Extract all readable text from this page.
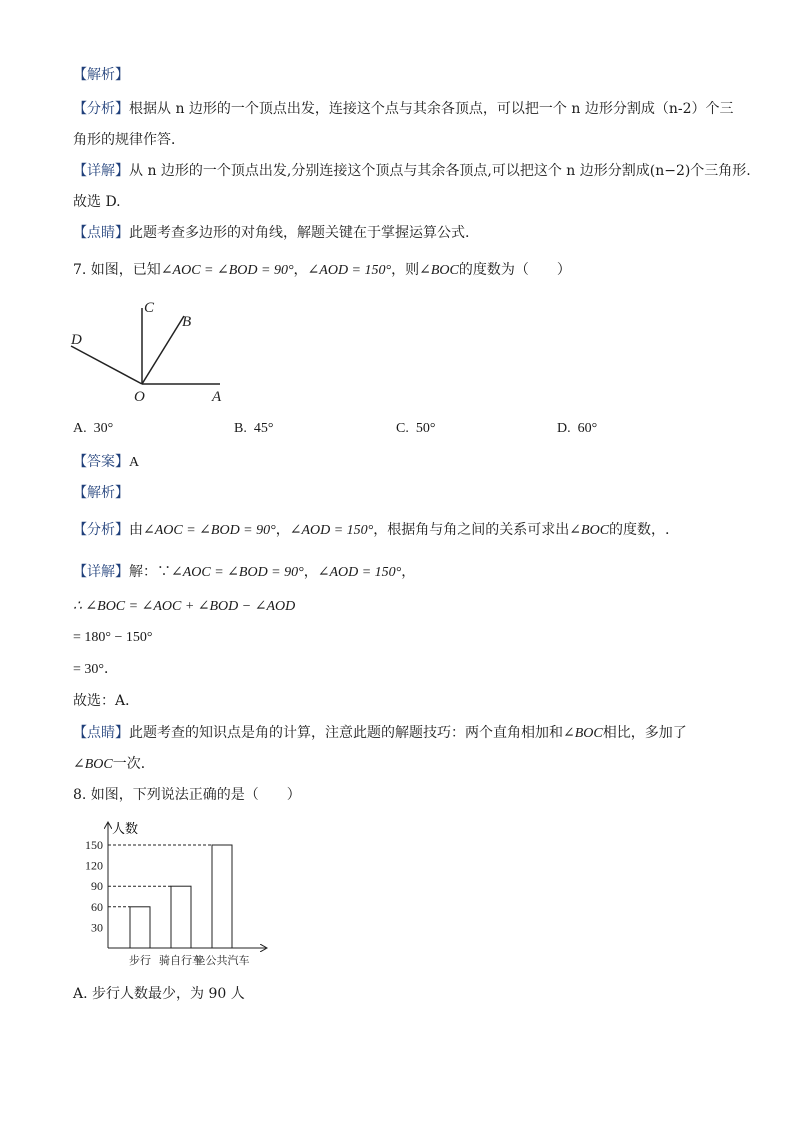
【解析】
【分析】根据从 n 边形的一个顶点出发，连接这个点与其余各顶点，可以把一个 n 边形分割成（n-2）个三
角形的规律作答．
【详解】从 n 边形的一个顶点出发,分别连接这个顶点与其余各顶点,可以把这个 n 边形分割成(n−2)个三角形.
故选 D.
【点睛】此题考查多边形的对角线，解题关键在于掌握运算公式.
7. 如图，已知∠AOC = ∠BOD = 90°，∠AOD = 150°，则∠BOC的度数为（　　）
C
B
D
O	A
A. 30°	B. 45°	C. 50°	D. 60°
【答案】A
【解析】
【分析】由∠AOC = ∠BOD = 90°，∠AOD = 150°，根据角与角之间的关系可求出∠BOC的度数，.
【详解】解：∵∠AOC = ∠BOD = 90°，∠AOD = 150°，
∴ ∠BOC = ∠AOC + ∠BOD − ∠AOD
= 180° − 150°
= 30°．
故选：A．
【点睛】此题考查的知识点是角的计算，注意此题的解题技巧：两个直角相加和∠BOC相比，多加了
∠BOC一次．
8. 如图，下列说法正确的是（　　）
人数
150
120
90
60
30
步行 骑自行车
坐公共汽车
A. 步行人数最少，为 90 人
